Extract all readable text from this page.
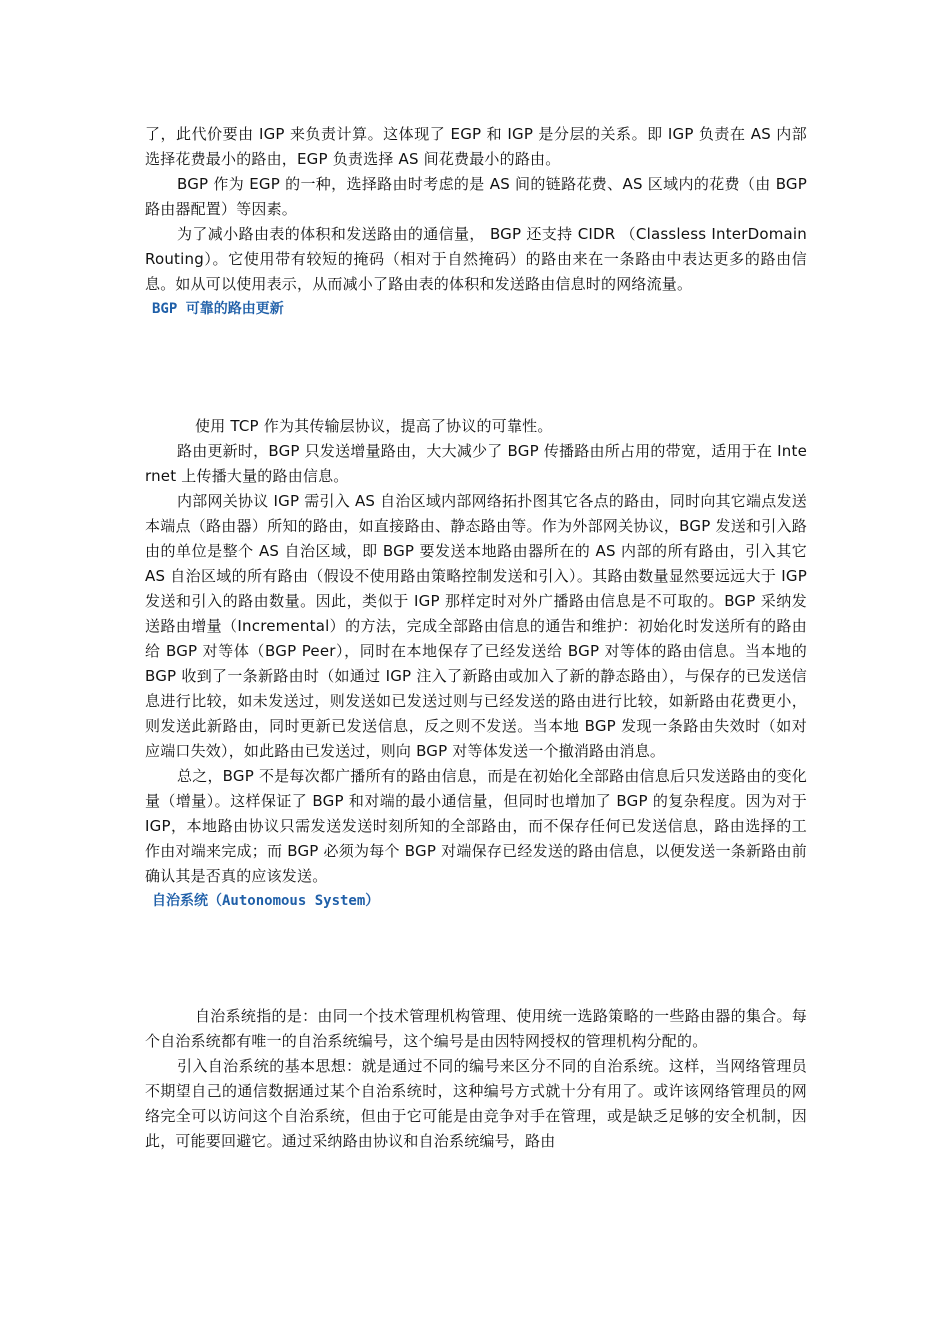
了，此代价要由 IGP 来负责计算。这体现了 EGP 和 IGP 是分层的关系。即 IGP 负责在 AS 内部选择花费最小的路由，EGP 负责选择 AS 间花费最小的路由。

BGP 作为 EGP 的一种，选择路由时考虑的是 AS 间的链路花费、AS 区域内的花费（由 BGP 路由器配置）等因素。

为了减小路由表的体积和发送路由的通信量， BGP 还支持 CIDR （Classless InterDomain Routing）。它使用带有较短的掩码（相对于自然掩码）的路由来在一条路由中表达更多的路由信息。如从可以使用表示，从而减小了路由表的体积和发送路由信息时的网络流量。

BGP 可靠的路由更新

使用 TCP 作为其传输层协议，提高了协议的可靠性。

路由更新时，BGP 只发送增量路由，大大减少了 BGP 传播路由所占用的带宽，适用于在 Internet 上传播大量的路由信息。

内部网关协议 IGP 需引入 AS 自治区域内部网络拓扑图其它各点的路由，同时向其它端点发送本端点（路由器）所知的路由，如直接路由、静态路由等。作为外部网关协议，BGP 发送和引入路由的单位是整个 AS 自治区域，即 BGP 要发送本地路由器所在的 AS 内部的所有路由，引入其它 AS 自治区域的所有路由（假设不使用路由策略控制发送和引入）。其路由数量显然要远远大于 IGP 发送和引入的路由数量。因此，类似于 IGP 那样定时对外广播路由信息是不可取的。BGP 采纳发送路由增量（Incremental）的方法，完成全部路由信息的通告和维护：初始化时发送所有的路由给 BGP 对等体（BGP Peer），同时在本地保存了已经发送给 BGP 对等体的路由信息。当本地的 BGP 收到了一条新路由时（如通过 IGP 注入了新路由或加入了新的静态路由），与保存的已发送信息进行比较，如未发送过，则发送如已发送过则与已经发送的路由进行比较，如新路由花费更小，则发送此新路由，同时更新已发送信息，反之则不发送。当本地 BGP 发现一条路由失效时（如对应端口失效），如此路由已发送过，则向 BGP 对等体发送一个撤消路由消息。

总之，BGP 不是每次都广播所有的路由信息，而是在初始化全部路由信息后只发送路由的变化量（增量）。这样保证了 BGP 和对端的最小通信量，但同时也增加了 BGP 的复杂程度。因为对于 IGP，本地路由协议只需发送发送时刻所知的全部路由，而不保存任何已发送信息，路由选择的工作由对端来完成；而 BGP 必须为每个 BGP 对端保存已经发送的路由信息，以便发送一条新路由前确认其是否真的应该发送。

自治系统（Autonomous System）

自治系统指的是：由同一个技术管理机构管理、使用统一选路策略的一些路由器的集合。每个自治系统都有唯一的自治系统编号，这个编号是由因特网授权的管理机构分配的。

引入自治系统的基本思想：就是通过不同的编号来区分不同的自治系统。这样，当网络管理员不期望自己的通信数据通过某个自治系统时，这种编号方式就十分有用了。或许该网络管理员的网络完全可以访问这个自治系统，但由于它可能是由竞争对手在管理，或是缺乏足够的安全机制，因此，可能要回避它。通过采纳路由协议和自治系统编号，路由
